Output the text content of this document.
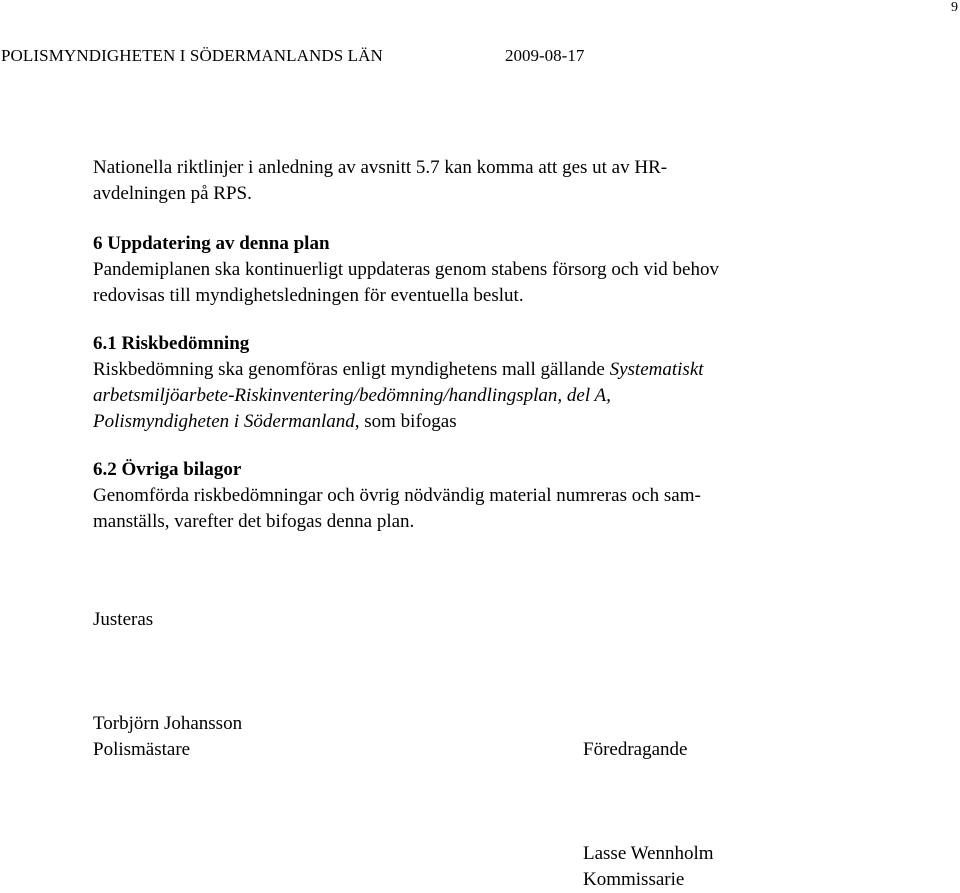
9
POLISMYNDIGHETEN I SÖDERMANLANDS LÄN	2009-08-17
Nationella riktlinjer i anledning av avsnitt 5.7 kan komma att ges ut av HR-
avdelningen på RPS.
6 Uppdatering av denna plan
Pandemiplanen ska kontinuerligt uppdateras genom stabens försorg och vid behov
redovisas till myndighetsledningen för eventuella beslut.
6.1 Riskbedömning
Riskbedömning ska genomföras enligt myndighetens mall gällande Systematiskt
arbetsmiljöarbete-Riskinventering/bedömning/handlingsplan, del A,
Polismyndigheten i Södermanland, som bifogas
6.2 Övriga bilagor
Genomförda riskbedömningar och övrig nödvändig material numreras och sam-
manställs, varefter det bifogas denna plan.
Justeras
Torbjörn Johansson
Polismästare	Föredragande
Lasse Wennholm
Kommissarie
